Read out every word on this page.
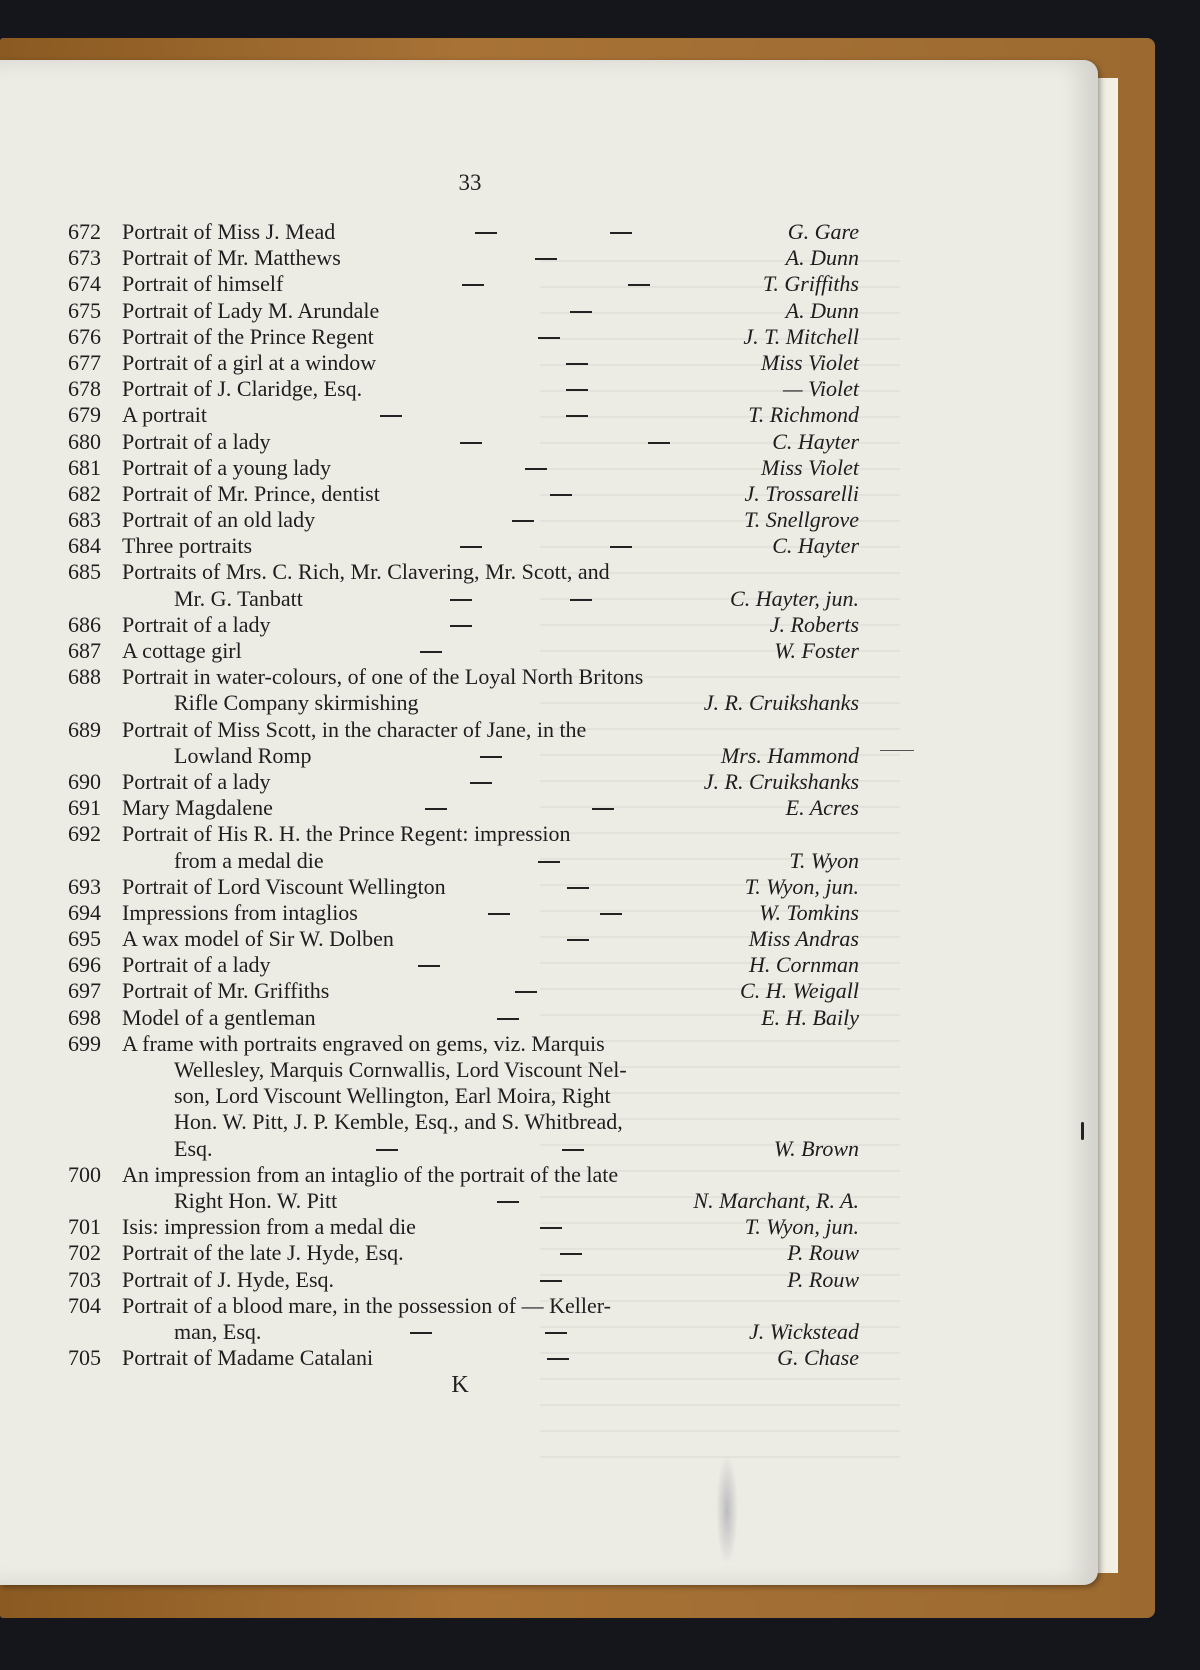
33
672 Portrait of Miss J. Mead	G. Gare
673 Portrait of Mr. Matthews	A. Dunn
674 Portrait of himself	T. Griffiths
675 Portrait of Lady M. Arundale	A. Dunn
676 Portrait of the Prince Regent	J. T. Mitchell
677 Portrait of a girl at a window	Miss Violet
678 Portrait of J. Claridge, Esq.	— Violet
679 A portrait	T. Richmond
680 Portrait of a lady	C. Hayter
681 Portrait of a young lady	Miss Violet
682 Portrait of Mr. Prince, dentist	J. Trossarelli
683 Portrait of an old lady	T. Snellgrove
684 Three portraits	C. Hayter
685 Portraits of Mrs. C. Rich, Mr. Clavering, Mr. Scott, and
Mr. G. Tanbatt	C. Hayter, jun.
686 Portrait of a lady	J. Roberts
687 A cottage girl	W. Foster
688 Portrait in water-colours, of one of the Loyal North Britons
Rifle Company skirmishing	J. R. Cruikshanks
689 Portrait of Miss Scott, in the character of Jane, in the
Lowland Romp	Mrs. Hammond
690 Portrait of a lady	J. R. Cruikshanks
691 Mary Magdalene	E. Acres
692 Portrait of His R. H. the Prince Regent: impression
from a medal die	T. Wyon
693 Portrait of Lord Viscount Wellington	T. Wyon, jun.
694 Impressions from intaglios	W. Tomkins
695 A wax model of Sir W. Dolben	Miss Andras
696 Portrait of a lady	H. Cornman
697 Portrait of Mr. Griffiths	C. H. Weigall
698 Model of a gentleman	E. H. Baily
699 A frame with portraits engraved on gems, viz. Marquis
Wellesley, Marquis Cornwallis, Lord Viscount Nel-
son, Lord Viscount Wellington, Earl Moira, Right
Hon. W. Pitt, J. P. Kemble, Esq., and S. Whitbread,
Esq.	W. Brown
700 An impression from an intaglio of the portrait of the late
Right Hon. W. Pitt	N. Marchant, R. A.
701 Isis: impression from a medal die	T. Wyon, jun.
702 Portrait of the late J. Hyde, Esq.	P. Rouw
703 Portrait of J. Hyde, Esq.	P. Rouw
704 Portrait of a blood mare, in the possession of — Keller-
man, Esq.	J. Wickstead
705 Portrait of Madame Catalani	G. Chase
K
